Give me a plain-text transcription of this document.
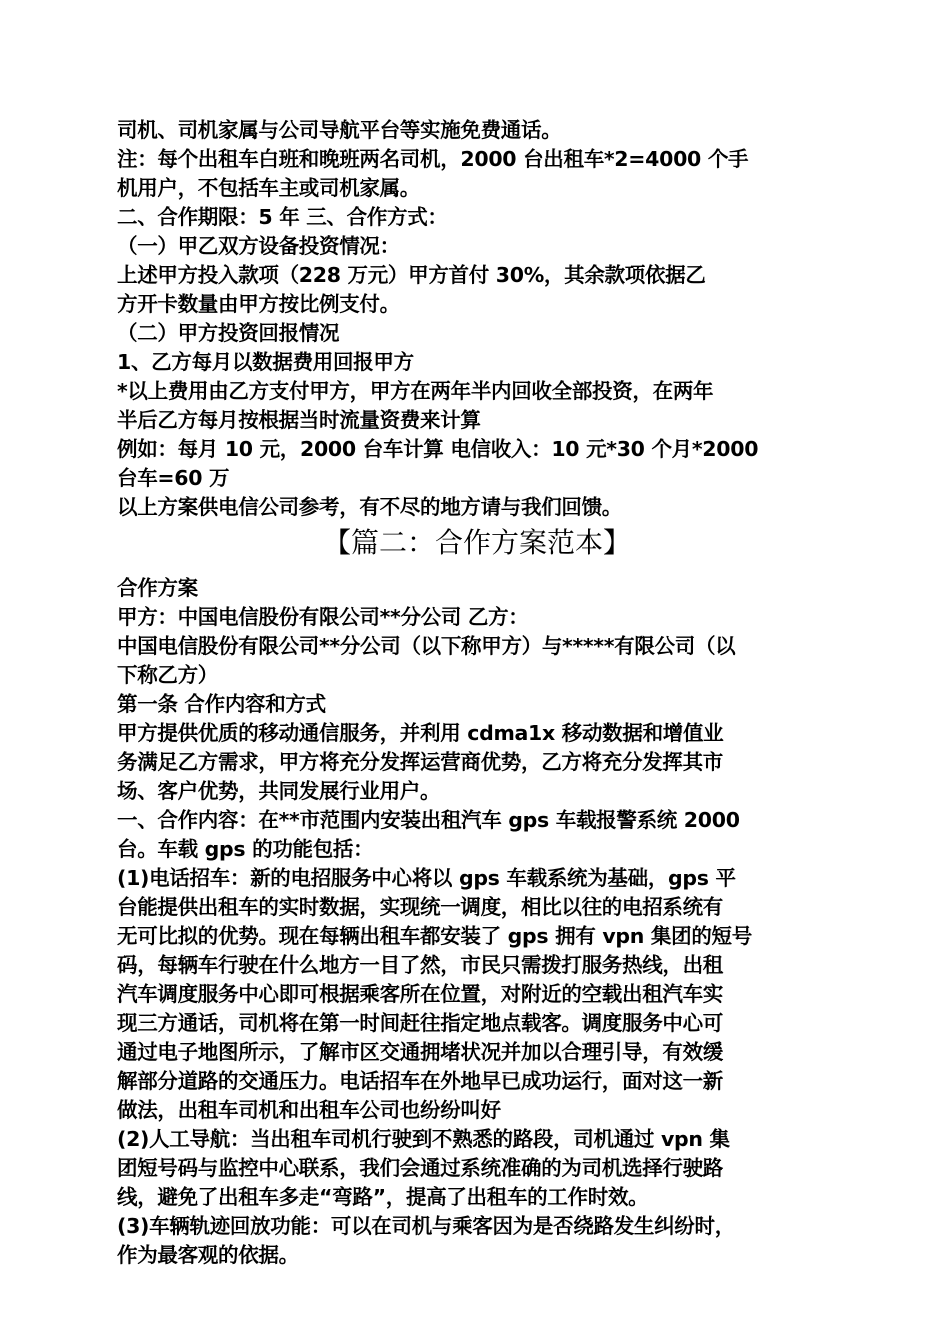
司机、司机家属与公司导航平台等实施免费通话。

注：每个出租车白班和晚班两名司机，2000 台出租车*2=4000 个手

机用户，不包括车主或司机家属。

二、合作期限：5 年 三、合作方式：

（一）甲乙双方设备投资情况：

上述甲方投入款项（228 万元）甲方首付 30%，其余款项依据乙

方开卡数量由甲方按比例支付。

（二）甲方投资回报情况

1、乙方每月以数据费用回报甲方

*以上费用由乙方支付甲方，甲方在两年半内回收全部投资，在两年

半后乙方每月按根据当时流量资费来计算

例如：每月 10 元，2000 台车计算 电信收入：10 元*30 个月*2000

台车=60 万

以上方案供电信公司参考，有不尽的地方请与我们回馈。

【篇二：合作方案范本】

合作方案

甲方：中国电信股份有限公司**分公司 乙方：

中国电信股份有限公司**分公司（以下称甲方）与*****有限公司（以

下称乙方）

第一条 合作内容和方式

甲方提供优质的移动通信服务，并利用 cdma1x 移动数据和增值业

务满足乙方需求，甲方将充分发挥运营商优势，乙方将充分发挥其市

场、客户优势，共同发展行业用户。

一、合作内容：在**市范围内安装出租汽车 gps 车载报警系统 2000

台。车载 gps 的功能包括：

(1)电话招车：新的电招服务中心将以 gps 车载系统为基础，gps 平

台能提供出租车的实时数据，实现统一调度，相比以往的电招系统有

无可比拟的优势。现在每辆出租车都安装了 gps 拥有 vpn 集团的短号

码，每辆车行驶在什么地方一目了然，市民只需拨打服务热线，出租

汽车调度服务中心即可根据乘客所在位置，对附近的空载出租汽车实

现三方通话，司机将在第一时间赶往指定地点载客。调度服务中心可

通过电子地图所示，了解市区交通拥堵状况并加以合理引导，有效缓

解部分道路的交通压力。电话招车在外地早已成功运行，面对这一新

做法，出租车司机和出租车公司也纷纷叫好

(2)人工导航：当出租车司机行驶到不熟悉的路段，司机通过 vpn 集

团短号码与监控中心联系，我们会通过系统准确的为司机选择行驶路

线，避免了出租车多走“弯路”，提高了出租车的工作时效。

(3)车辆轨迹回放功能：可以在司机与乘客因为是否绕路发生纠纷时，

作为最客观的依据。
